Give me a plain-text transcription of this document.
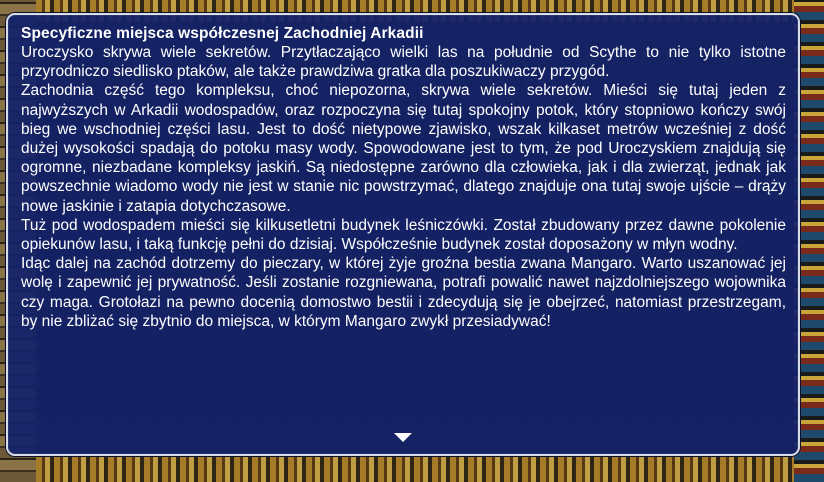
Specyficzne miejsca współczesnej Zachodniej Arkadii

Uroczysko skrywa wiele sekretów. Przytłaczająco wielki las na południe od Scythe to nie tylko istotne przyrodniczo siedlisko ptaków, ale także prawdziwa gratka dla poszukiwaczy przygód.

Zachodnia część tego kompleksu, choć niepozorna, skrywa wiele sekretów. Mieści się tutaj jeden z najwyższych w Arkadii wodospadów, oraz rozpoczyna się tutaj spokojny potok, który stopniowo kończy swój bieg we wschodniej części lasu. Jest to dość nietypowe zjawisko, wszak kilkaset metrów wcześniej z dość dużej wysokości spadają do potoku masy wody. Spowodowane jest to tym, że pod Uroczyskiem znajdują się ogromne, niezbadane kompleksy jaskiń. Są niedostępne zarówno dla człowieka, jak i dla zwierząt, jednak jak powszechnie wiadomo wody nie jest w stanie nic powstrzymać, dlatego znajduje ona tutaj swoje ujście – drąży nowe jaskinie i zatapia dotychczasowe.

Tuż pod wodospadem mieści się kilkusetletni budynek leśniczówki. Został zbudowany przez dawne pokolenie opiekunów lasu, i taką funkcję pełni do dzisiaj. Współcześnie budynek został doposażony w młyn wodny.

Idąc dalej na zachód dotrzemy do pieczary, w której żyje groźna bestia zwana Mangaro. Warto uszanować jej wolę i zapewnić jej prywatność. Jeśli zostanie rozgniewana, potrafi powalić nawet najzdolniejszego wojownika czy maga. Grotołazi na pewno docenią domostwo bestii i zdecydują się je obejrzeć, natomiast przestrzegam, by nie zbliżać się zbytnio do miejsca, w którym Mangaro zwykł przesiadywać!
